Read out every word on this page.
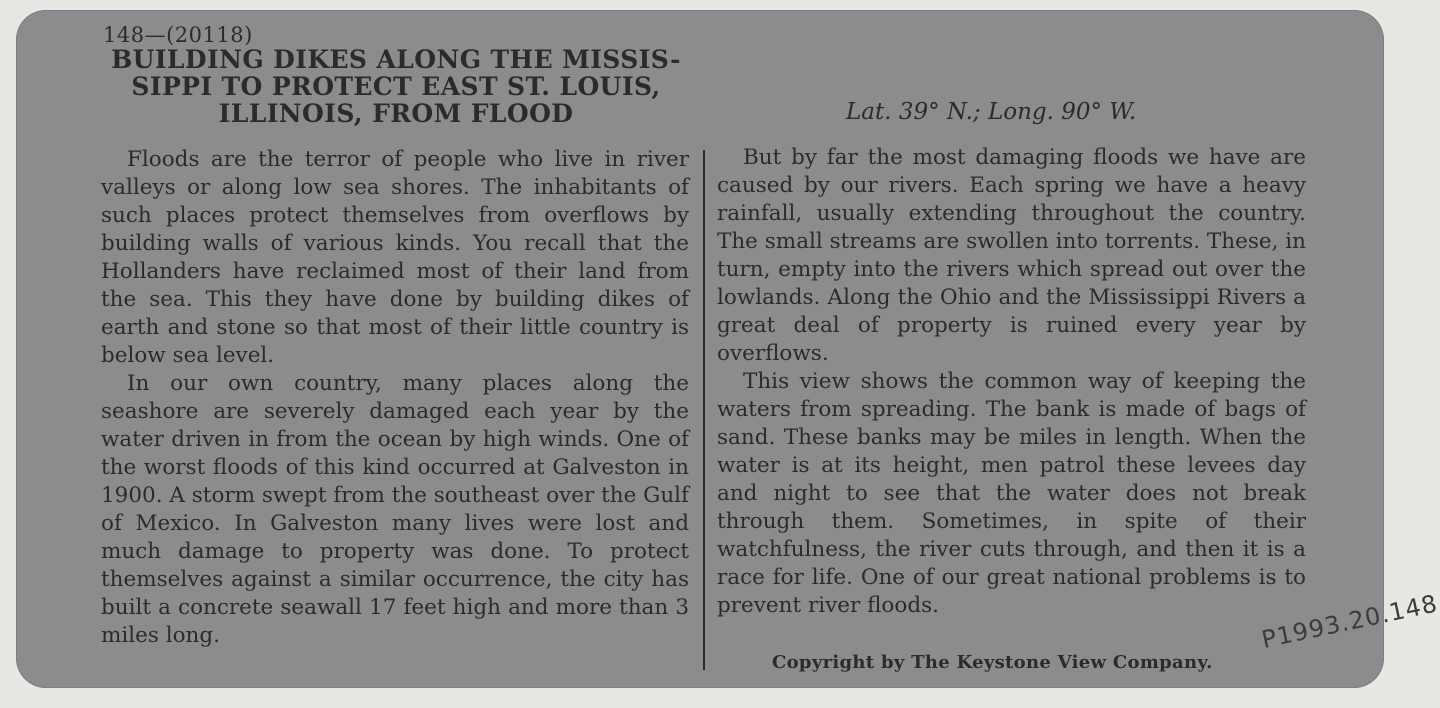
148—(20118)
BUILDING DIKES ALONG THE MISSIS-
SIPPI TO PROTECT EAST ST. LOUIS,
ILLINOIS, FROM FLOOD	Lat. 39° N.; Long. 90° W.

Floods are the terror of people who live in river valleys or along low sea shores. The inhabitants of such places protect themselves from overflows by building walls of various kinds. You recall that the Hollanders have reclaimed most of their land from the sea. This they have done by building dikes of earth and stone so that most of their little country is below sea level.

In our own country, many places along the seashore are severely damaged each year by the water driven in from the ocean by high winds. One of the worst floods of this kind occurred at Galveston in 1900. A storm swept from the southeast over the Gulf of Mexico. In Galveston many lives were lost and much damage to property was done. To protect themselves against a similar occurrence, the city has built a concrete seawall 17 feet high and more than 3 miles long.

But by far the most damaging floods we have are caused by our rivers. Each spring we have a heavy rainfall, usually extending throughout the country. The small streams are swollen into torrents. These, in turn, empty into the rivers which spread out over the lowlands. Along the Ohio and the Mississippi Rivers a great deal of property is ruined every year by overflows.

This view shows the common way of keeping the waters from spreading. The bank is made of bags of sand. These banks may be miles in length. When the water is at its height, men patrol these levees day and night to see that the water does not break through them. Sometimes, in spite of their watchfulness, the river cuts through, and then it is a race for life. One of our great national problems is to prevent river floods.

Copyright by The Keystone View Company.
P1993.20.148
